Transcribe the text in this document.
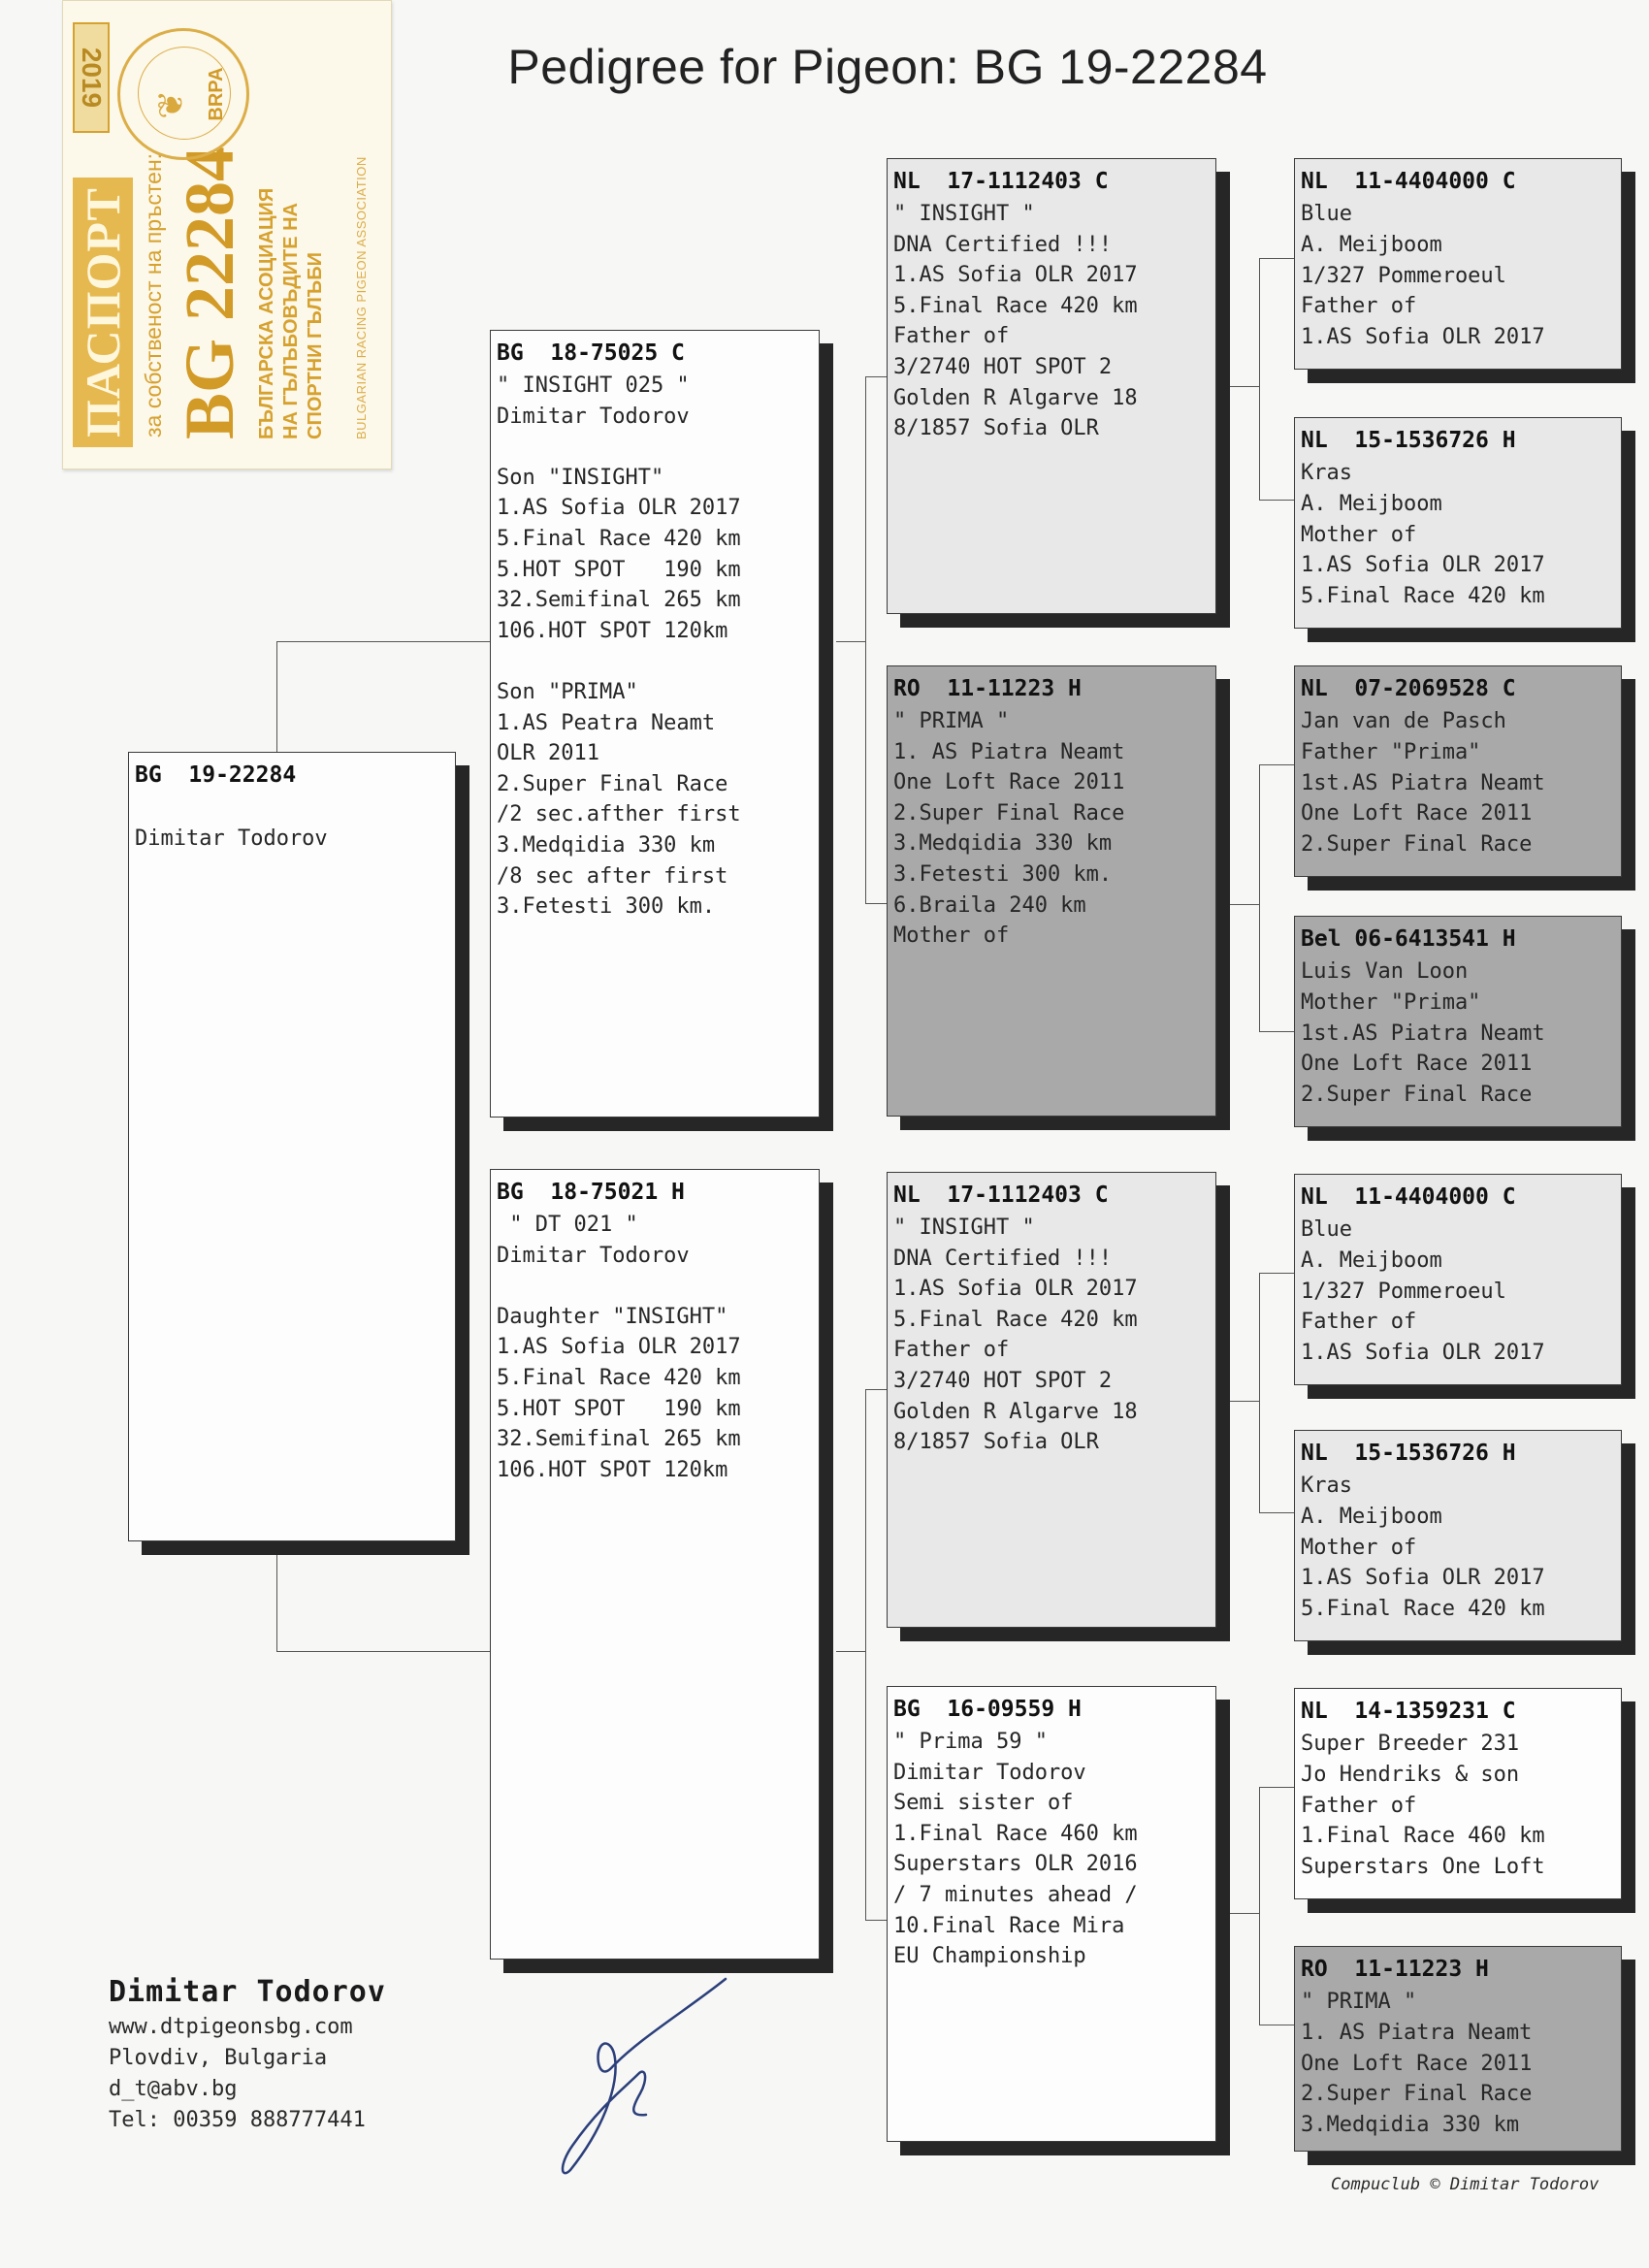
Pedigree for Pigeon: BG 19-22284
ПАСПОРТ за собственост на пръстен: BG 22284 БЪЛГАРСКА АСОЦИАЦИЯ
НА ГЪЛЪБОВЪДИТЕ НА
СПОРТНИ ГЪЛЪБИ BULGARIAN RACING PIGEON ASSOCIATION
2019 ❦ BRPA
BG  19-22284
Dimitar Todorov
BG  18-75025 C
" INSIGHT 025 "
Dimitar Todorov
Son "INSIGHT"
1.AS Sofia OLR 2017
5.Final Race 420 km
5.HOT SPOT   190 km
32.Semifinal 265 km
106.HOT SPOT 120km
Son "PRIMA"
1.AS Peatra Neamt
OLR 2011
2.Super Final Race
/2 sec.afther first
3.Medqidia 330 km
/8 sec after first
3.Fetesti 300 km.
BG  18-75021 H
" DT 021 "
Dimitar Todorov
Daughter "INSIGHT"
1.AS Sofia OLR 2017
5.Final Race 420 km
5.HOT SPOT   190 km
32.Semifinal 265 km
106.HOT SPOT 120km
NL  17-1112403 C
" INSIGHT "
DNA Certified !!!
1.AS Sofia OLR 2017
5.Final Race 420 km
Father of
3/2740 HOT SPOT 2
Golden R Algarve 18
8/1857 Sofia OLR
RO  11-11223 H
" PRIMA "
1. AS Piatra Neamt
One Loft Race 2011
2.Super Final Race
3.Medqidia 330 km
3.Fetesti 300 km.
6.Braila 240 km
Mother of
NL  17-1112403 C
" INSIGHT "
DNA Certified !!!
1.AS Sofia OLR 2017
5.Final Race 420 km
Father of
3/2740 HOT SPOT 2
Golden R Algarve 18
8/1857 Sofia OLR
BG  16-09559 H
" Prima 59 "
Dimitar Todorov
Semi sister of
1.Final Race 460 km
Superstars OLR 2016
/ 7 minutes ahead /
10.Final Race Mira
EU Championship
NL  11-4404000 C
Blue
A. Meijboom
1/327 Pommeroeul
Father of
1.AS Sofia OLR 2017
NL  15-1536726 H
Kras
A. Meijboom
Mother of
1.AS Sofia OLR 2017
5.Final Race 420 km
NL  07-2069528 C
Jan van de Pasch
Father "Prima"
1st.AS Piatra Neamt
One Loft Race 2011
2.Super Final Race
Bel 06-6413541 H
Luis Van Loon
Mother "Prima"
1st.AS Piatra Neamt
One Loft Race 2011
2.Super Final Race
NL  11-4404000 C
Blue
A. Meijboom
1/327 Pommeroeul
Father of
1.AS Sofia OLR 2017
NL  15-1536726 H
Kras
A. Meijboom
Mother of
1.AS Sofia OLR 2017
5.Final Race 420 km
NL  14-1359231 C
Super Breeder 231
Jo Hendriks & son
Father of
1.Final Race 460 km
Superstars One Loft
RO  11-11223 H
" PRIMA "
1. AS Piatra Neamt
One Loft Race 2011
2.Super Final Race
3.Medqidia 330 km
Dimitar Todorov
www.dtpigeonsbg.com
Plovdiv, Bulgaria
d_t@abv.bg
Tel: 00359 888777441
Compuclub © Dimitar Todorov
